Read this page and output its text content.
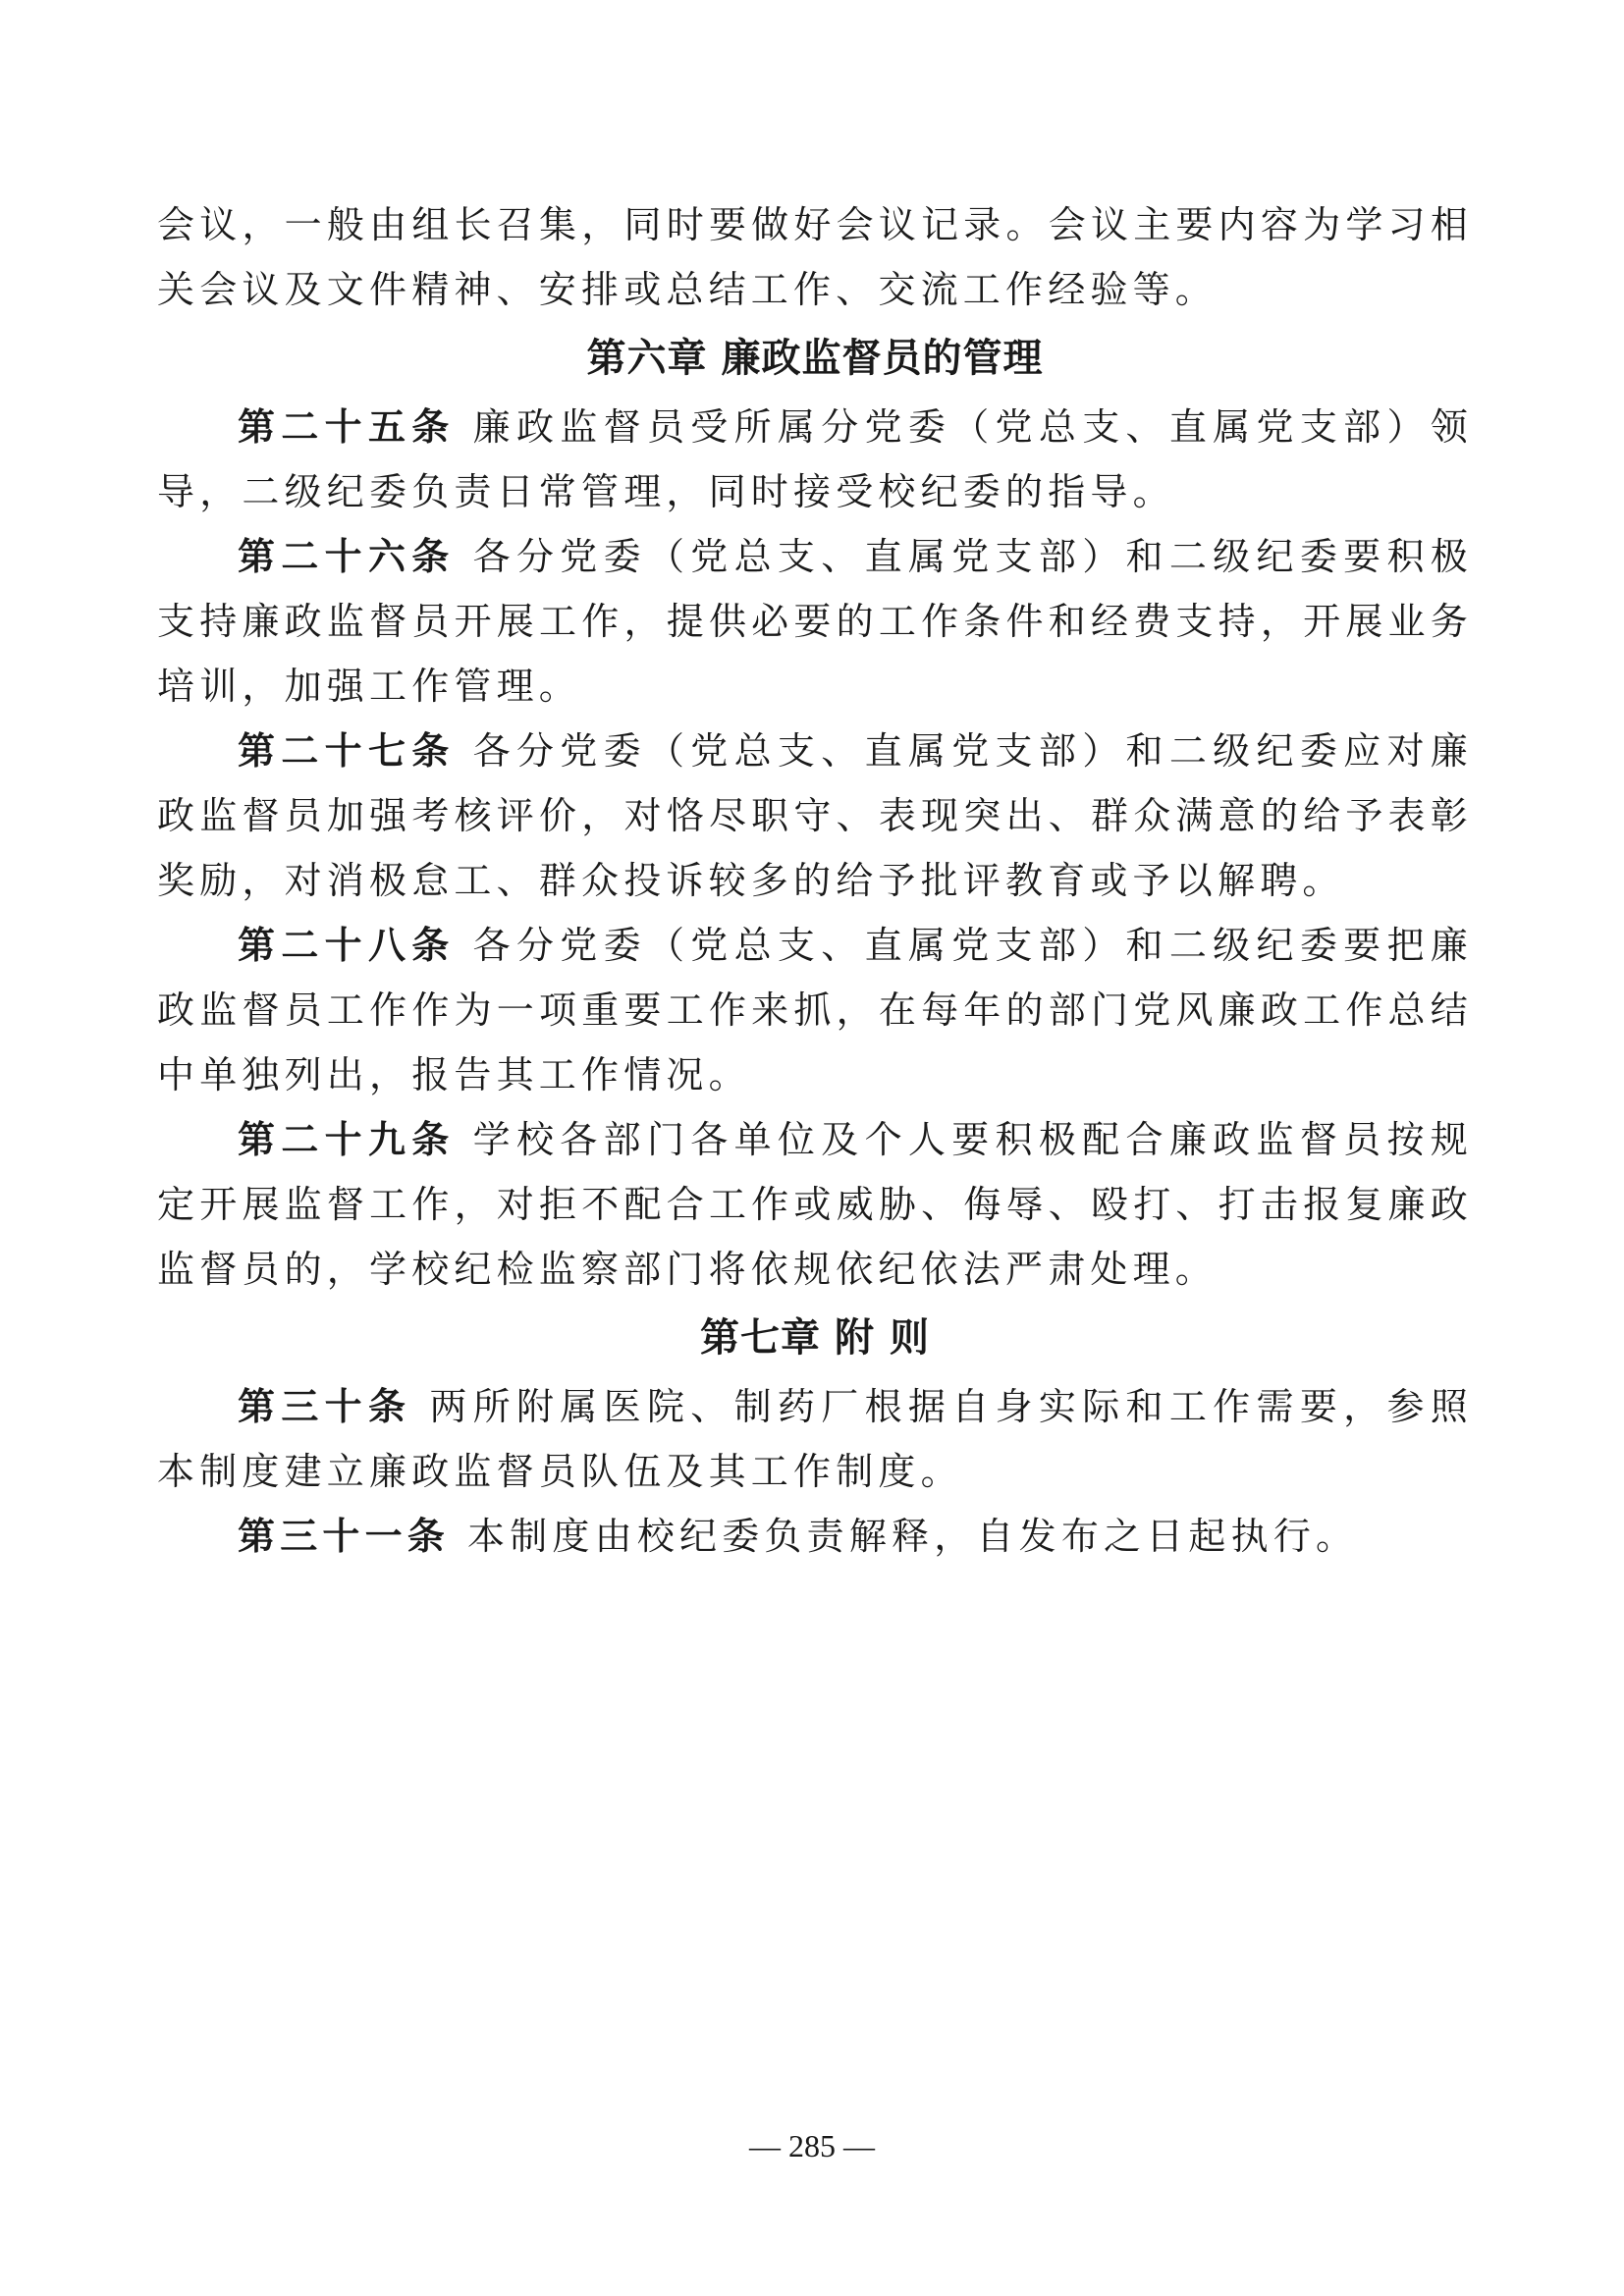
会议，一般由组长召集，同时要做好会议记录。会议主要内容为学习相关会议及文件精神、安排或总结工作、交流工作经验等。

第六章 廉政监督员的管理

第二十五条 廉政监督员受所属分党委（党总支、直属党支部）领导，二级纪委负责日常管理，同时接受校纪委的指导。

第二十六条 各分党委（党总支、直属党支部）和二级纪委要积极支持廉政监督员开展工作，提供必要的工作条件和经费支持，开展业务培训，加强工作管理。

第二十七条 各分党委（党总支、直属党支部）和二级纪委应对廉政监督员加强考核评价，对恪尽职守、表现突出、群众满意的给予表彰奖励，对消极怠工、群众投诉较多的给予批评教育或予以解聘。

第二十八条 各分党委（党总支、直属党支部）和二级纪委要把廉政监督员工作作为一项重要工作来抓，在每年的部门党风廉政工作总结中单独列出，报告其工作情况。

第二十九条 学校各部门各单位及个人要积极配合廉政监督员按规定开展监督工作，对拒不配合工作或威胁、侮辱、殴打、打击报复廉政监督员的，学校纪检监察部门将依规依纪依法严肃处理。

第七章 附 则

第三十条 两所附属医院、制药厂根据自身实际和工作需要，参照本制度建立廉政监督员队伍及其工作制度。

第三十一条 本制度由校纪委负责解释，自发布之日起执行。

— 285 —
